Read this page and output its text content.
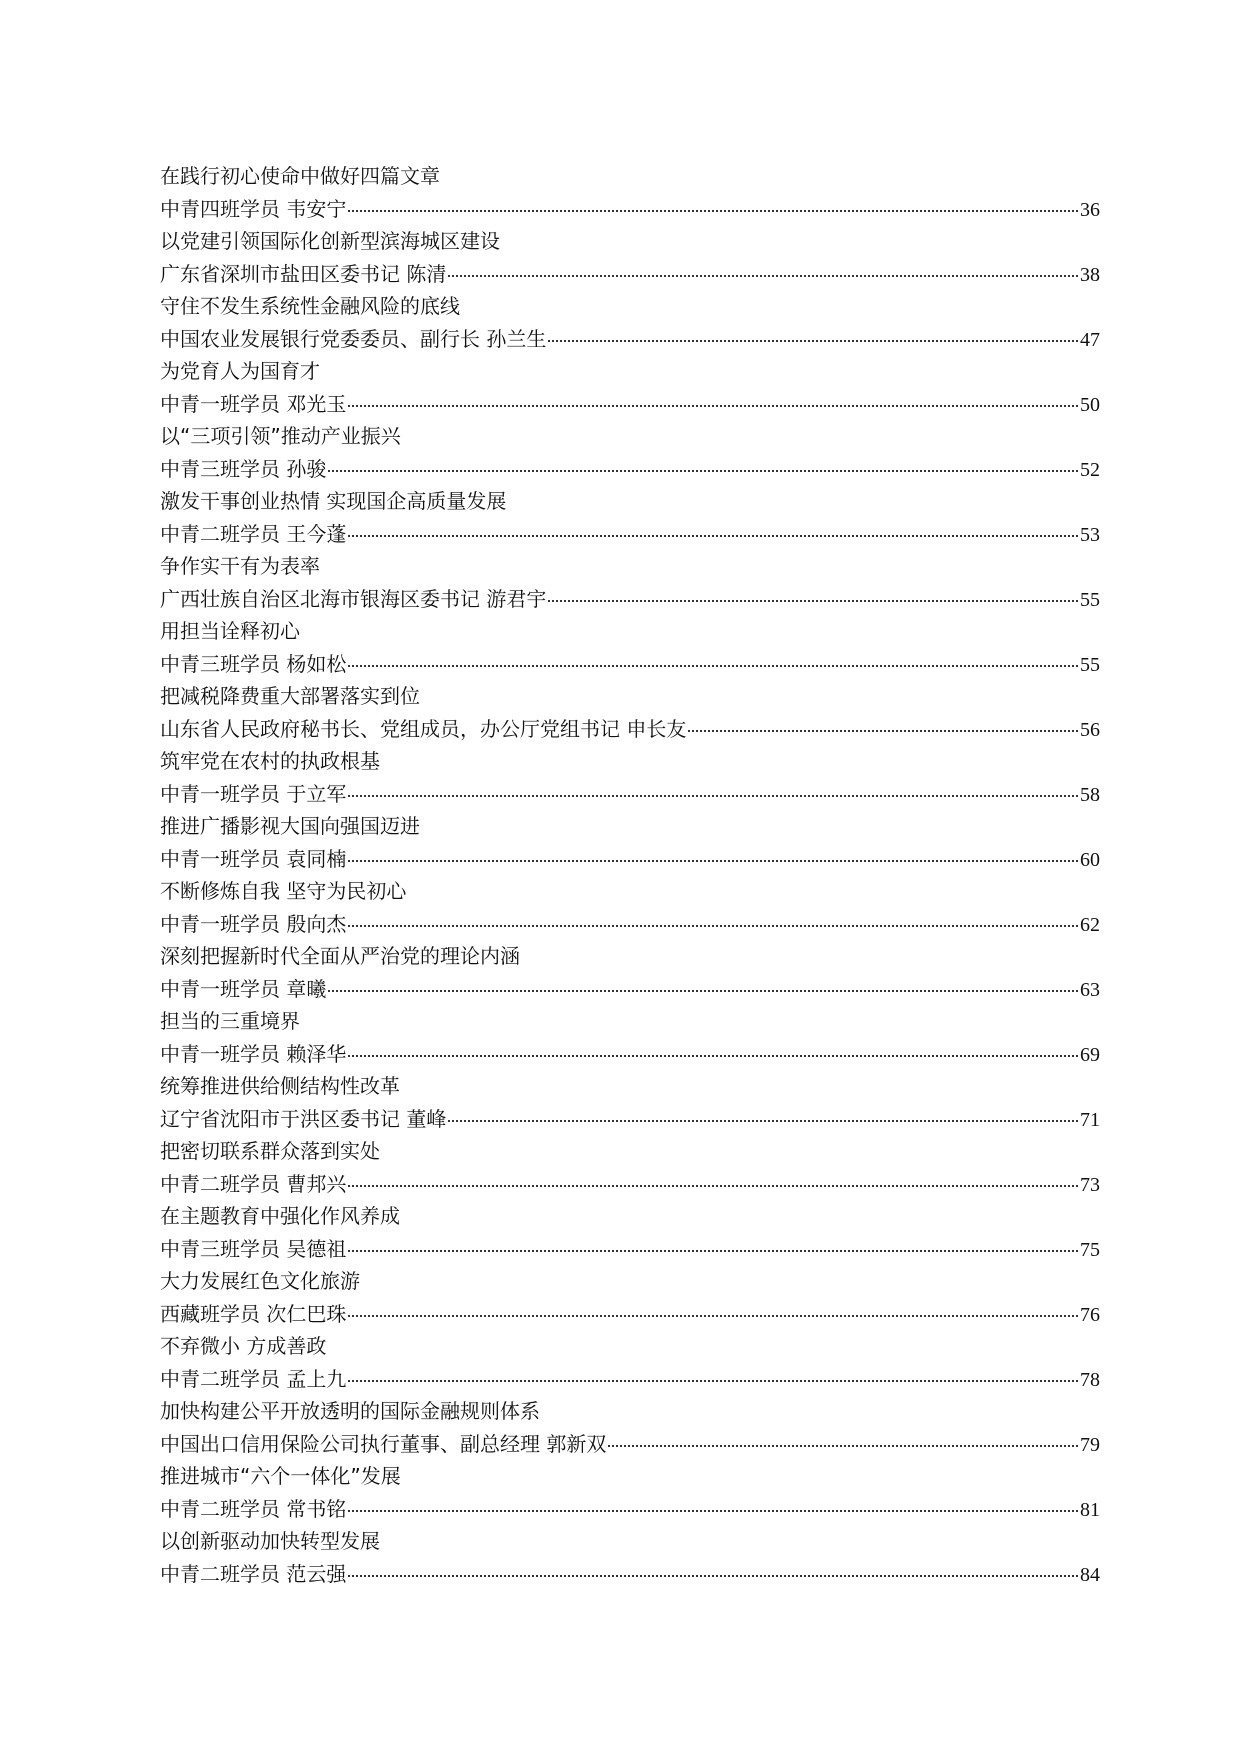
在践行初心使命中做好四篇文章
中青四班学员 韦安宁	36
以党建引领国际化创新型滨海城区建设
广东省深圳市盐田区委书记 陈清	38
守住不发生系统性金融风险的底线
中国农业发展银行党委委员、副行长 孙兰生	47
为党育人为国育才
中青一班学员 邓光玉	50
以“三项引领”推动产业振兴
中青三班学员 孙骏	52
激发干事创业热情 实现国企高质量发展
中青二班学员 王今蓬	53
争作实干有为表率
广西壮族自治区北海市银海区委书记 游君宇	55
用担当诠释初心
中青三班学员 杨如松	55
把减税降费重大部署落实到位
山东省人民政府秘书长、党组成员，办公厅党组书记 申长友	56
筑牢党在农村的执政根基
中青一班学员 于立军	58
推进广播影视大国向强国迈进
中青一班学员 袁同楠	60
不断修炼自我 坚守为民初心
中青一班学员 殷向杰	62
深刻把握新时代全面从严治党的理论内涵
中青一班学员 章曦	63
担当的三重境界
中青一班学员 赖泽华	69
统筹推进供给侧结构性改革
辽宁省沈阳市于洪区委书记 董峰	71
把密切联系群众落到实处
中青二班学员 曹邦兴	73
在主题教育中强化作风养成
中青三班学员 吴德祖	75
大力发展红色文化旅游
西藏班学员 次仁巴珠	76
不弃微小 方成善政
中青二班学员 孟上九	78
加快构建公平开放透明的国际金融规则体系
中国出口信用保险公司执行董事、副总经理 郭新双	79
推进城市“六个一体化”发展
中青二班学员 常书铭	81
以创新驱动加快转型发展
中青二班学员 范云强	84
